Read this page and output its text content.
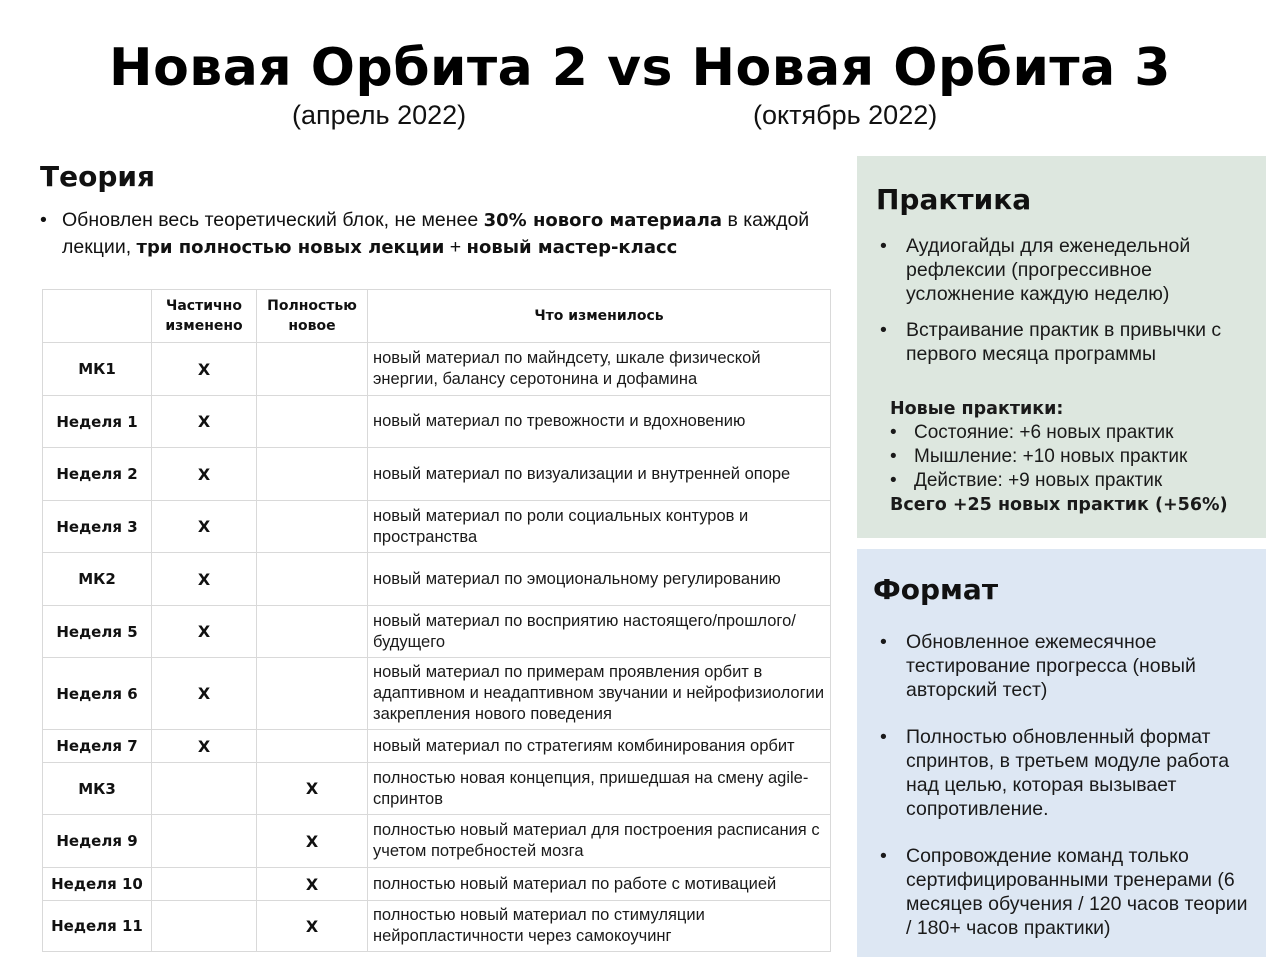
Новая Орбита 2 vs Новая Орбита 3
(апрель 2022)	(октябрь 2022)
Теория
• Обновлен весь теоретический блок, не менее 30% нового материала в каждой лекции, три полностью новых лекции + новый мастер-класс
	Частично изменено	Полностью новое	Что изменилось
МК1	X		новый материал по майндсету, шкале физической энергии, балансу серотонина и дофамина
Неделя 1	X		новый материал по тревожности и вдохновению
Неделя 2	X		новый материал по визуализации и внутренней опоре
Неделя 3	X		новый материал по роли социальных контуров и пространства
МК2	X		новый материал по эмоциональному регулированию
Неделя 5	X		новый материал по восприятию настоящего/прошлого/будущего
Неделя 6	X		новый материал по примерам проявления орбит в адаптивном и неадаптивном звучании и нейрофизиологии закрепления нового поведения
Неделя 7	X		новый материал по стратегиям комбинирования орбит
МК3		X	полностью новая концепция, пришедшая на смену agile-спринтов
Неделя 9		X	полностью новый материал для построения расписания с учетом потребностей мозга
Неделя 10		X	полностью новый материал по работе с мотивацией
Неделя 11		X	полностью новый материал по стимуляции нейропластичности через самокоучинг
Практика
• Аудиогайды для еженедельной рефлексии (прогрессивное усложнение каждую неделю)
• Встраивание практик в привычки с первого месяца программы
Новые практики:
• Состояние: +6 новых практик
• Мышление: +10 новых практик
• Действие: +9 новых практик
Всего +25 новых практик (+56%)
Формат
• Обновленное ежемесячное тестирование прогресса (новый авторский тест)
• Полностью обновленный формат спринтов, в третьем модуле работа над целью, которая вызывает сопротивление.
• Сопровождение команд только сертифицированными тренерами (6 месяцев обучения / 120 часов теории / 180+ часов практики)
